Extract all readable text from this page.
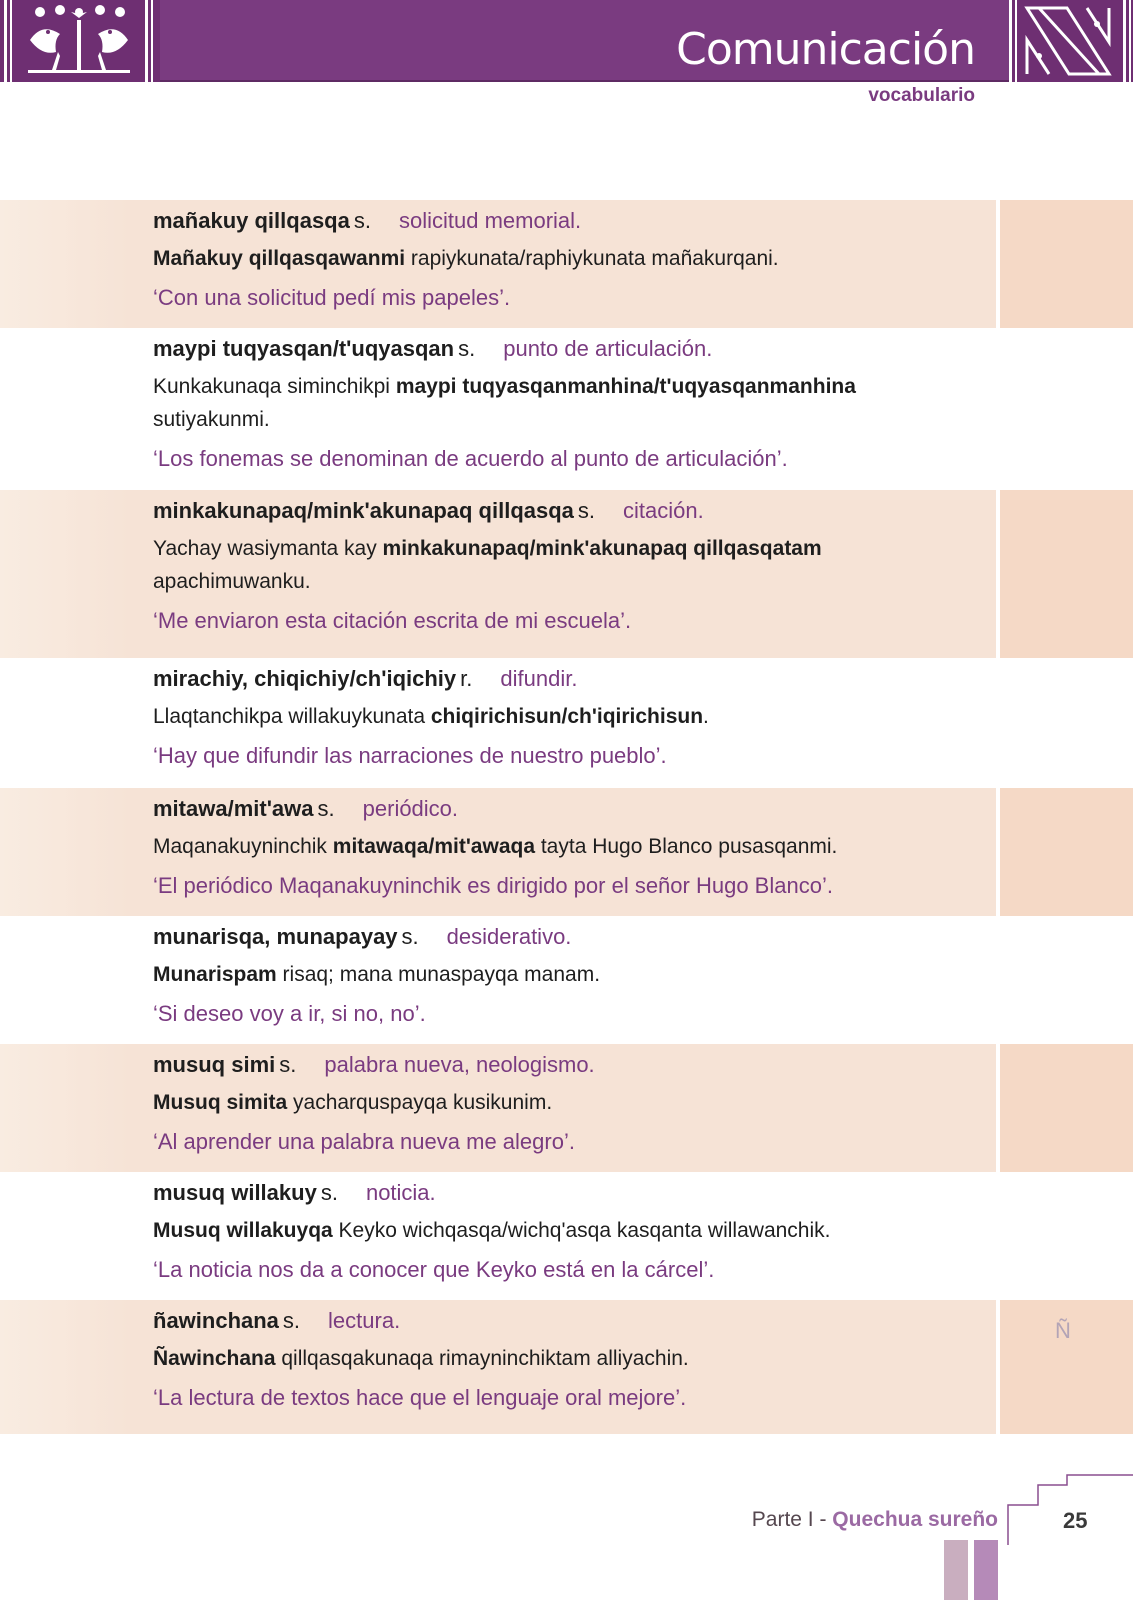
Comunicación
vocabulario
mañakuy qillqasqa s. solicitud memorial.
Mañakuy qillqasqawanmi rapiykunata/raphiykunata mañakurqani.
‘Con una solicitud pedí mis papeles’.
maypi tuqyasqan/t'uqyasqan s. punto de articulación.
Kunkakunaqa siminchikpi maypi tuqyasqanmanhina/t'uqyasqanmanhina sutiyakunmi.
‘Los fonemas se denominan de acuerdo al punto de articulación’.
minkakunapaq/mink'akunapaq qillqasqa s. citación.
Yachay wasiymanta kay minkakunapaq/mink'akunapaq qillqasqatam apachimuwanku.
‘Me enviaron esta citación escrita de mi escuela’.
mirachiy, chiqichiy/ch'iqichiy r. difundir.
Llaqtanchikpa willakuykunata chiqirichisun/ch'iqirichisun.
‘Hay que difundir las narraciones de nuestro pueblo’.
mitawa/mit'awa s. periódico.
Maqanakuyninchik mitawaqa/mit'awaqa tayta Hugo Blanco pusasqanmi.
‘El periódico Maqanakuyninchik es dirigido por el señor Hugo Blanco’.
munarisqa, munapayay s. desiderativo.
Munarispam risaq; mana munaspayqa manam.
‘Si deseo voy a ir, si no, no’.
musuq simi s. palabra nueva, neologismo.
Musuq simita yacharquspayqa kusikunim.
‘Al aprender una palabra nueva me alegro’.
musuq willakuy s. noticia.
Musuq willakuyqa Keyko wichqasqa/wichq'asqa kasqanta willawanchik.
‘La noticia nos da a conocer que Keyko está en la cárcel’.
ñawinchana s. lectura.
Ñawinchana qillqasqakunaqa rimayninchiktam alliyachin.
‘La lectura de textos hace que el lenguaje oral mejore’.
Ñ
Parte I - Quechua sureño	25
